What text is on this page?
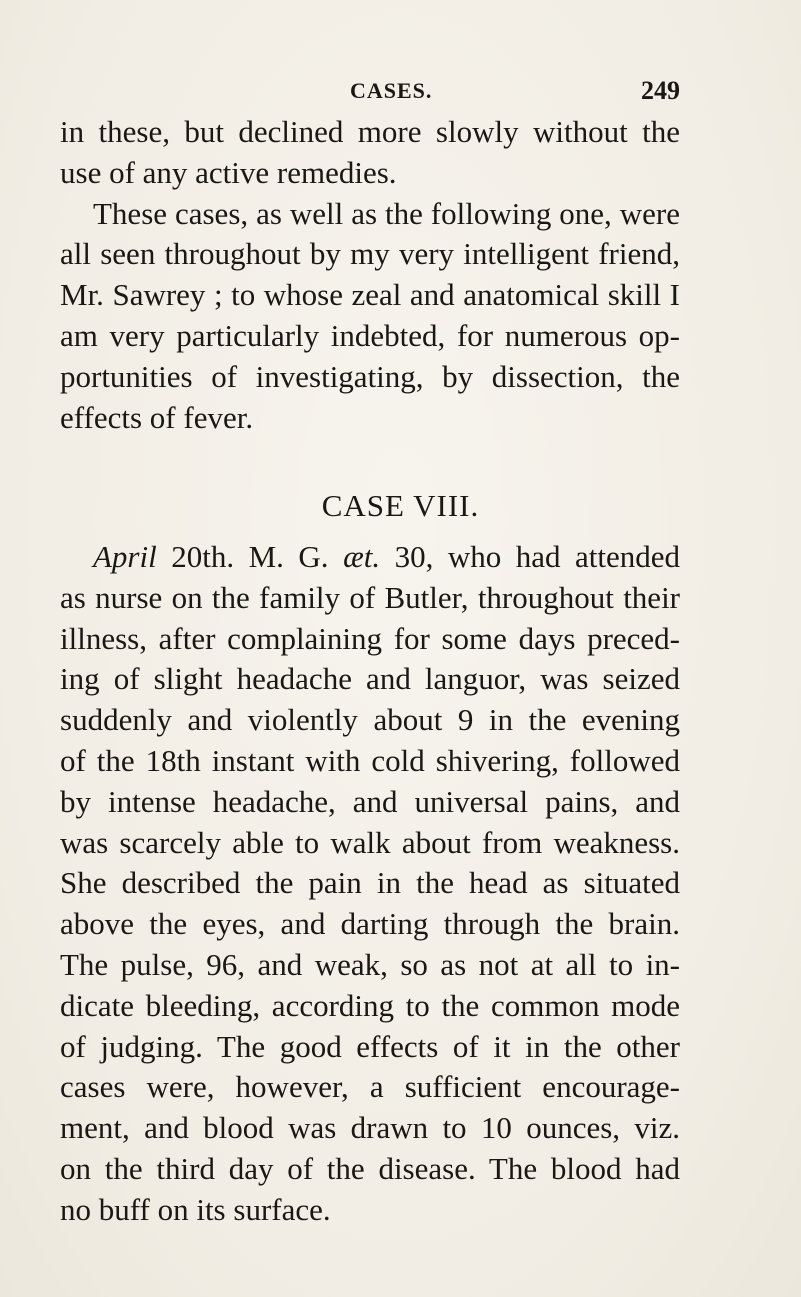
CASES.	249
in these, but declined more slowly without the
use of any active remedies.
These cases, as well as the following one, were
all seen throughout by my very intelligent friend,
Mr. Sawrey ; to whose zeal and anatomical skill I
am very particularly indebted, for numerous op-
portunities of investigating, by dissection, the
effects of fever.
CASE VIII.
April 20th. M. G. æt. 30, who had attended
as nurse on the family of Butler, throughout their
illness, after complaining for some days preced-
ing of slight headache and languor, was seized
suddenly and violently about 9 in the evening
of the 18th instant with cold shivering, followed
by intense headache, and universal pains, and
was scarcely able to walk about from weakness.
She described the pain in the head as situated
above the eyes, and darting through the brain.
The pulse, 96, and weak, so as not at all to in-
dicate bleeding, according to the common mode
of judging. The good effects of it in the other
cases were, however, a sufficient encourage-
ment, and blood was drawn to 10 ounces, viz.
on the third day of the disease. The blood had
no buff on its surface.
